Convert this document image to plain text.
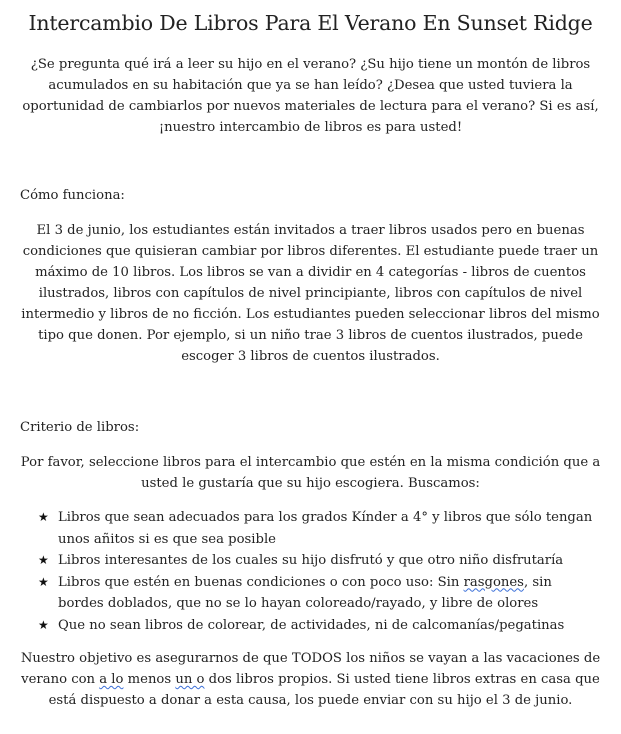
Intercambio De Libros Para El Verano En Sunset Ridge

¿Se pregunta qué irá a leer su hijo en el verano? ¿Su hijo tiene un montón de libros acumulados en su habitación que ya se han leído? ¿Desea que usted tuviera la oportunidad de cambiarlos por nuevos materiales de lectura para el verano? Si es así, ¡nuestro intercambio de libros es para usted!

Cómo funciona:

El 3 de junio, los estudiantes están invitados a traer libros usados pero en buenas condiciones que quisieran cambiar por libros diferentes. El estudiante puede traer un máximo de 10 libros. Los libros se van a dividir en 4 categorías - libros de cuentos ilustrados, libros con capítulos de nivel principiante, libros con capítulos de nivel intermedio y libros de no ficción. Los estudiantes pueden seleccionar libros del mismo tipo que donen. Por ejemplo, si un niño trae 3 libros de cuentos ilustrados, puede escoger 3 libros de cuentos ilustrados.

Criterio de libros:

Por favor, seleccione libros para el intercambio que estén en la misma condición que a usted le gustaría que su hijo escogiera. Buscamos:

★ Libros que sean adecuados para los grados Kínder a 4° y libros que sólo tengan unos añitos si es que sea posible
★ Libros interesantes de los cuales su hijo disfrutó y que otro niño disfrutaría
★ Libros que estén en buenas condiciones o con poco uso: Sin rasgones, sin bordes doblados, que no se lo hayan coloreado/rayado, y libre de olores
★ Que no sean libros de colorear, de actividades, ni de calcomanías/pegatinas

Nuestro objetivo es asegurarnos de que TODOS los niños se vayan a las vacaciones de verano con a lo menos un o dos libros propios. Si usted tiene libros extras en casa que está dispuesto a donar a esta causa, los puede enviar con su hijo el 3 de junio.
